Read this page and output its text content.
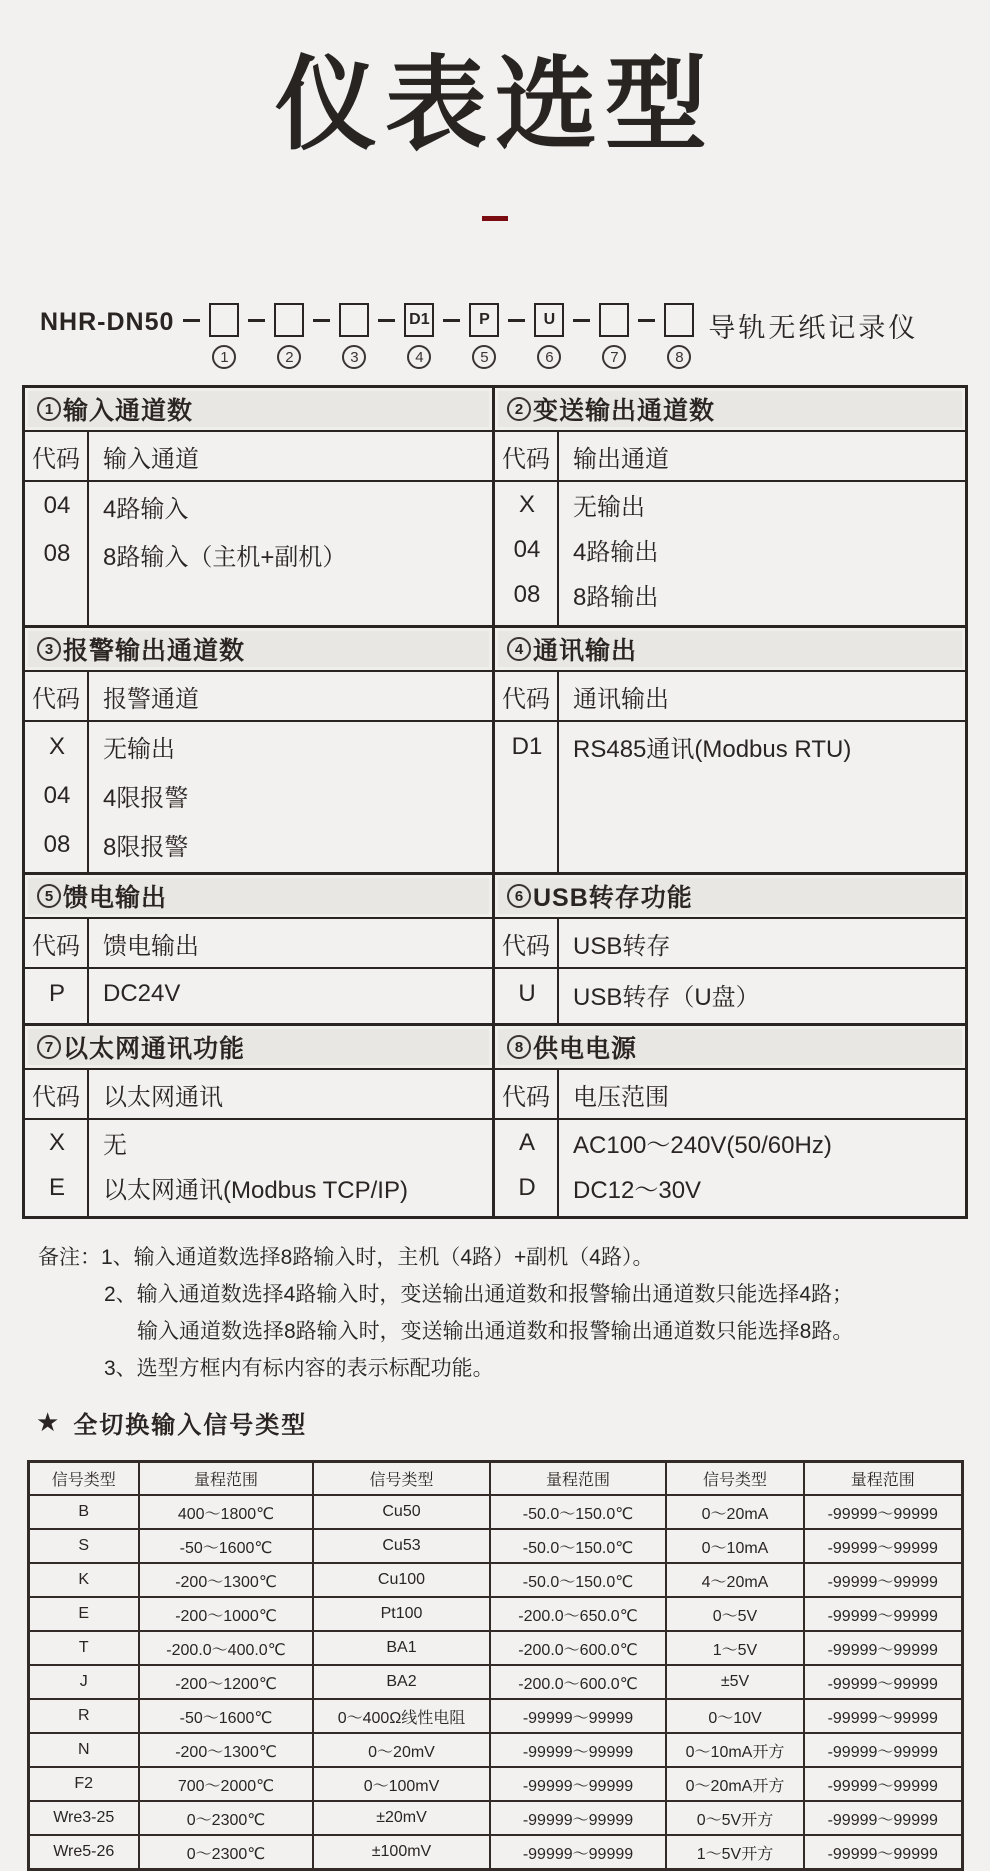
仪表选型
NHR-DN50
1	2	3
D1
4
P
5
U
6	7	8
导轨无纸记录仪
1 输入通道数
代码 输入通道
04	4路输入
08	8路输入（主机+副机）
2 变送输出通道数
代码 输出通道
X	无输出
04	4路输出
08	8路输出
3 报警输出通道数
代码 报警通道
X	无输出
04	4限报警
08	8限报警
4 通讯输出
代码 通讯输出
D1	RS485通讯(Modbus RTU)
5 馈电输出
代码 馈电输出
P	DC24V
6 USB转存功能
代码 USB转存
U	USB转存（U盘）
7 以太网通讯功能
代码 以太网通讯
X	无
E	以太网通讯(Modbus TCP/IP)
8 供电电源
代码 电压范围
A	AC100～240V(50/60Hz)
D	DC12～30V
备注：1、输入通道数选择8路输入时，主机（4路）+副机（4路）。
2、输入通道数选择4路输入时，变送输出通道数和报警输出通道数只能选择4路；
输入通道数选择8路输入时，变送输出通道数和报警输出通道数只能选择8路。
3、选型方框内有标内容的表示标配功能。
★ 全切换输入信号类型
信号类型	量程范围	信号类型	量程范围	信号类型	量程范围
B	400～1800℃	Cu50	-50.0～150.0℃	0～20mA	-99999～99999
S	-50～1600℃	Cu53	-50.0～150.0℃	0～10mA	-99999～99999
K	-200～1300℃	Cu100	-50.0～150.0℃	4～20mA	-99999～99999
E	-200～1000℃	Pt100	-200.0～650.0℃	0～5V	-99999～99999
T	-200.0～400.0℃	BA1	-200.0～600.0℃	1～5V	-99999～99999
J	-200～1200℃	BA2	-200.0～600.0℃	±5V	-99999～99999
R	-50～1600℃	0～400Ω线性电阻	-99999～99999	0～10V	-99999～99999
N	-200～1300℃	0～20mV	-99999～99999	0～10mA开方	-99999～99999
F2	700～2000℃	0～100mV	-99999～99999	0～20mA开方	-99999～99999
Wre3-25	0～2300℃	±20mV	-99999～99999	0～5V开方	-99999～99999
Wre5-26	0～2300℃	±100mV	-99999～99999	1～5V开方	-99999～99999
